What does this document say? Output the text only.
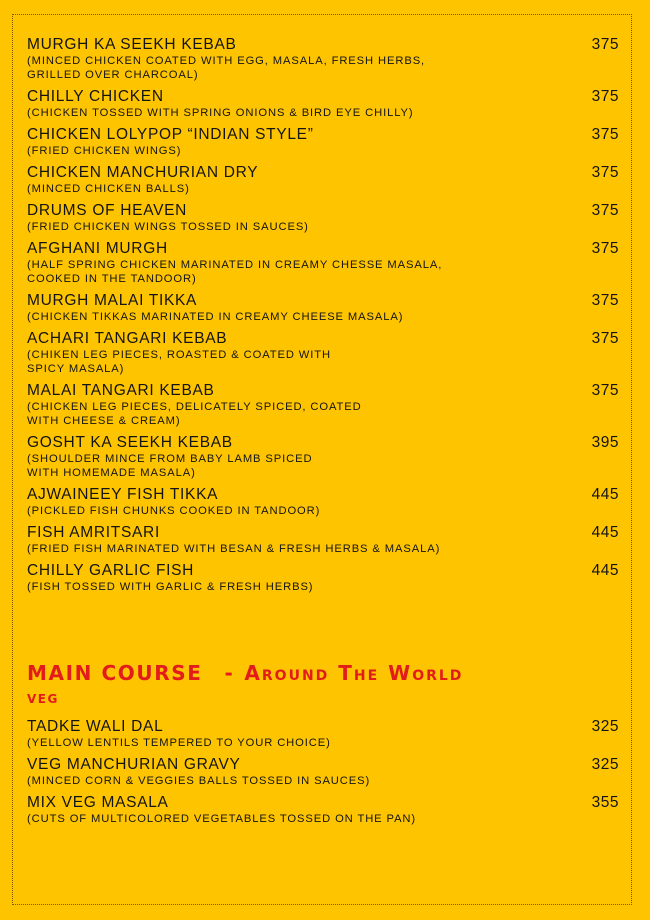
MURGH KA SEEKH KEBAB	375
(MINCED CHICKEN COATED WITH EGG, MASALA, FRESH HERBS,
GRILLED OVER CHARCOAL)
CHILLY CHICKEN	375
(CHICKEN TOSSED WITH SPRING ONIONS & BIRD EYE CHILLY)
CHICKEN LOLYPOP “INDIAN STYLE”	375
(FRIED CHICKEN WINGS)
CHICKEN MANCHURIAN DRY	375
(MINCED CHICKEN BALLS)
DRUMS OF HEAVEN	375
(FRIED CHICKEN WINGS TOSSED IN SAUCES)
AFGHANI MURGH	375
(HALF SPRING CHICKEN MARINATED IN CREAMY CHESSE MASALA,
COOKED IN THE TANDOOR)
MURGH MALAI TIKKA	375
(CHICKEN TIKKAS MARINATED IN CREAMY CHEESE MASALA)
ACHARI TANGARI KEBAB	375
(CHIKEN LEG PIECES, ROASTED & COATED WITH
SPICY MASALA)
MALAI TANGARI KEBAB	375
(CHICKEN LEG PIECES, DELICATELY SPICED, COATED
WITH CHEESE & CREAM)
GOSHT KA SEEKH KEBAB	395
(SHOULDER MINCE FROM BABY LAMB SPICED
WITH HOMEMADE MASALA)
AJWAINEEY FISH TIKKA	445
(PICKLED FISH CHUNKS COOKED IN TANDOOR)
FISH AMRITSARI	445
(FRIED FISH MARINATED WITH BESAN & FRESH HERBS & MASALA)
CHILLY GARLIC FISH	445
(FISH TOSSED WITH GARLIC & FRESH HERBS)
MAIN COURSE - Around The World
VEG
TADKE WALI DAL	325
(YELLOW LENTILS TEMPERED TO YOUR CHOICE)
VEG MANCHURIAN GRAVY	325
(MINCED CORN & VEGGIES BALLS TOSSED IN SAUCES)
MIX VEG MASALA	355
(CUTS OF MULTICOLORED VEGETABLES TOSSED ON THE PAN)
